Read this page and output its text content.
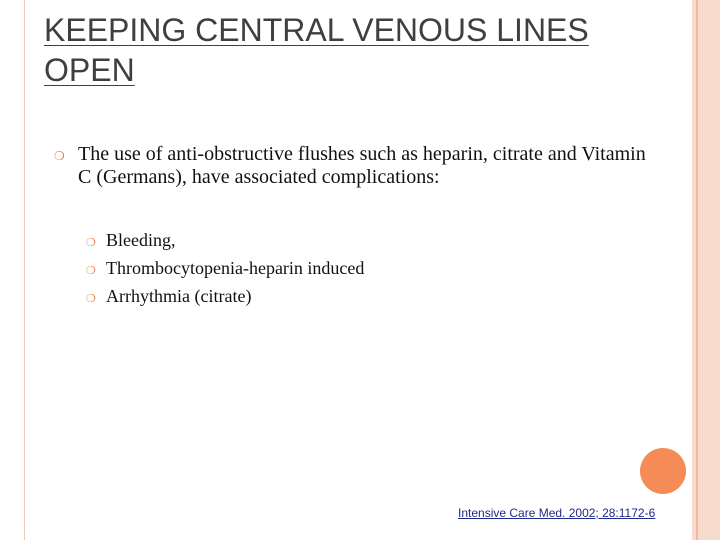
KEEPING CENTRAL VENOUS LINES OPEN
❍ The use of anti-obstructive flushes such as heparin, citrate and Vitamin C (Germans), have associated complications:
❍ Bleeding,
❍ Thrombocytopenia-heparin induced
❍ Arrhythmia (citrate)
Intensive Care Med. 2002; 28:1172-6
